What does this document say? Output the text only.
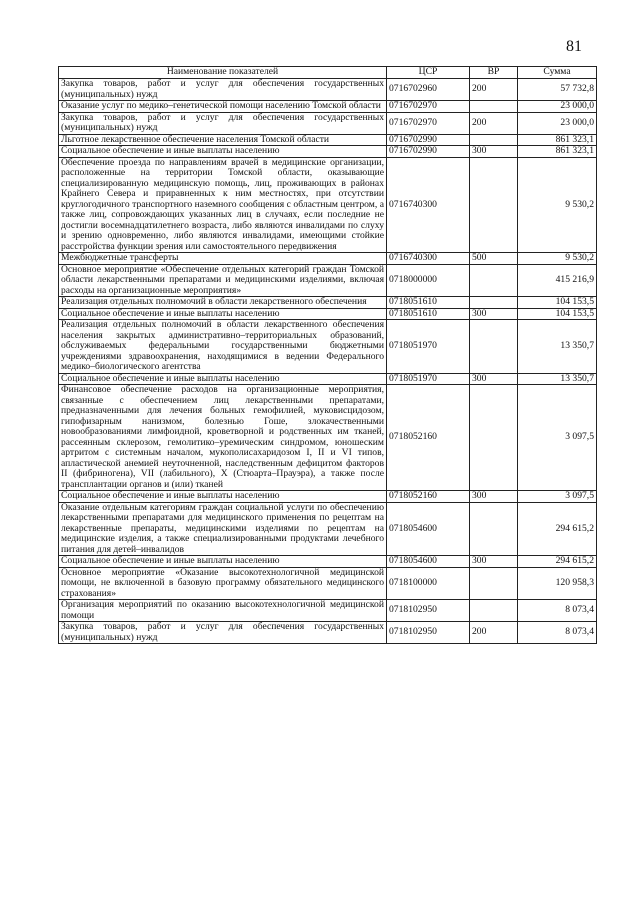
81
Наименование показателей	ЦСР	ВР	Сумма
Закупка товаров, работ и услуг для обеспечения государственных (муниципальных) нужд	0716702960	200	57 732,8
Оказание услуг по медико–генетической помощи населению Томской области	0716702970		23 000,0
Закупка товаров, работ и услуг для обеспечения государственных (муниципальных) нужд	0716702970	200	23 000,0
Льготное лекарственное обеспечение населения Томской области	0716702990		861 323,1
Социальное обеспечение и иные выплаты населению	0716702990	300	861 323,1
Обеспечение проезда по направлениям врачей в медицинские организации, расположенные на территории Томской области, оказывающие специализированную медицинскую помощь, лиц, проживающих в районах Крайнего Севера и приравненных к ним местностях, при отсутствии круглогодичного транспортного наземного сообщения с областным центром, а также лиц, сопровождающих указанных лиц в случаях, если последние не достигли восемнадцатилетнего возраста, либо являются инвалидами по слуху и зрению одновременно, либо являются инвалидами, имеющими стойкие расстройства функции зрения или самостоятельного передвижения	0716740300		9 530,2
Межбюджетные трансферты	0716740300	500	9 530,2
Основное мероприятие «Обеспечение отдельных категорий граждан Томской области лекарственными препаратами и медицинскими изделиями, включая расходы на организационные мероприятия»	0718000000		415 216,9
Реализация отдельных полномочий в области лекарственного обеспечения	0718051610		104 153,5
Социальное обеспечение и иные выплаты населению	0718051610	300	104 153,5
Реализация отдельных полномочий в области лекарственного обеспечения населения закрытых административно–территориальных образований, обслуживаемых федеральными государственными бюджетными учреждениями здравоохранения, находящимися в ведении Федерального медико–биологического агентства	0718051970		13 350,7
Социальное обеспечение и иные выплаты населению	0718051970	300	13 350,7
Финансовое обеспечение расходов на организационные мероприятия, связанные с обеспечением лиц лекарственными препаратами, предназначенными для лечения больных гемофилией, муковисцидозом, гипофизарным нанизмом, болезнью Гоше, злокачественными новообразованиями лимфоидной, кроветворной и родственных им тканей, рассеянным склерозом, гемолитико–уремическим синдромом, юношеским артритом с системным началом, мукополисахаридозом I, II и VI типов, апластической анемией неуточненной, наследственным дефицитом факторов II (фибриногена), VII (лабильного), X (Стюарта–Прауэра), а также после трансплантации органов и (или) тканей	0718052160		3 097,5
Социальное обеспечение и иные выплаты населению	0718052160	300	3 097,5
Оказание отдельным категориям граждан социальной услуги по обеспечению лекарственными препаратами для медицинского применения по рецептам на лекарственные препараты, медицинскими изделиями по рецептам на медицинские изделия, а также специализированными продуктами лечебного питания для детей–инвалидов	0718054600		294 615,2
Социальное обеспечение и иные выплаты населению	0718054600	300	294 615,2
Основное мероприятие «Оказание высокотехнологичной медицинской помощи, не включенной в базовую программу обязательного медицинского страхования»	0718100000		120 958,3
Организация мероприятий по оказанию высокотехнологичной медицинской помощи	0718102950		8 073,4
Закупка товаров, работ и услуг для обеспечения государственных (муниципальных) нужд	0718102950	200	8 073,4
